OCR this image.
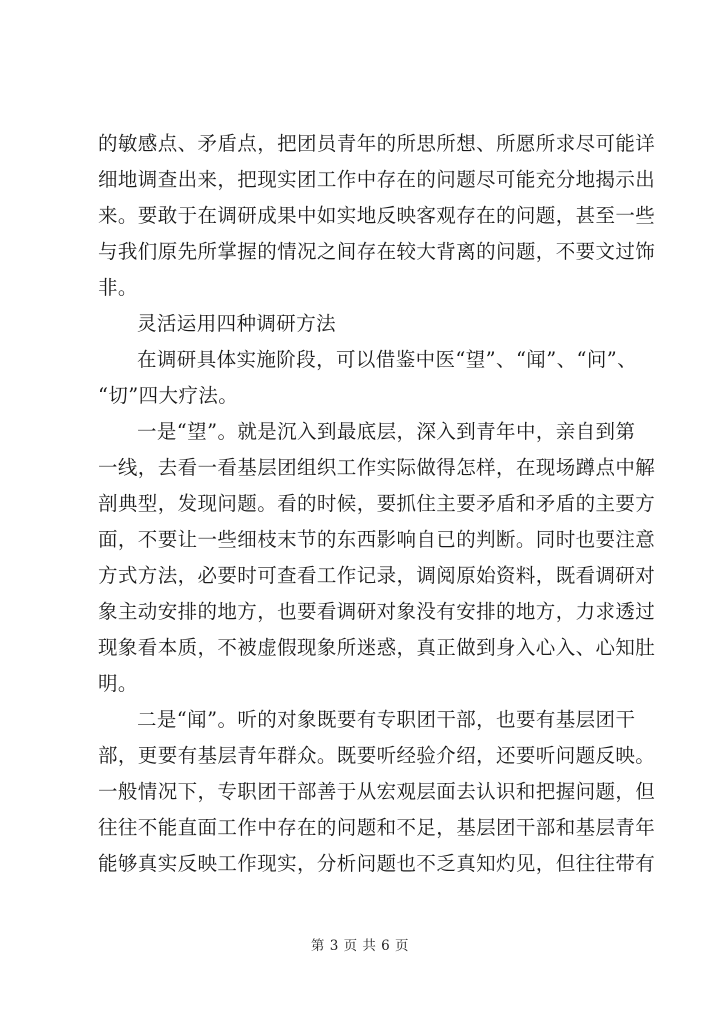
的敏感点、矛盾点，把团员青年的所思所想、所愿所求尽可能详
细地调查出来，把现实团工作中存在的问题尽可能充分地揭示出
来。要敢于在调研成果中如实地反映客观存在的问题，甚至一些
与我们原先所掌握的情况之间存在较大背离的问题，不要文过饰
非。
灵活运用四种调研方法
在调研具体实施阶段，可以借鉴中医“望”、“闻”、“问”、
“切”四大疗法。
一是“望”。就是沉入到最底层，深入到青年中，亲自到第
一线，去看一看基层团组织工作实际做得怎样，在现场蹲点中解
剖典型，发现问题。看的时候，要抓住主要矛盾和矛盾的主要方
面，不要让一些细枝末节的东西影响自已的判断。同时也要注意
方式方法，必要时可查看工作记录，调阅原始资料，既看调研对
象主动安排的地方，也要看调研对象没有安排的地方，力求透过
现象看本质，不被虚假现象所迷惑，真正做到身入心入、心知肚
明。
二是“闻”。听的对象既要有专职团干部，也要有基层团干
部，更要有基层青年群众。既要听经验介绍，还要听问题反映。
一般情况下，专职团干部善于从宏观层面去认识和把握问题，但
往往不能直面工作中存在的问题和不足，基层团干部和基层青年
能够真实反映工作现实，分析问题也不乏真知灼见，但往往带有
第 3 页 共 6 页
